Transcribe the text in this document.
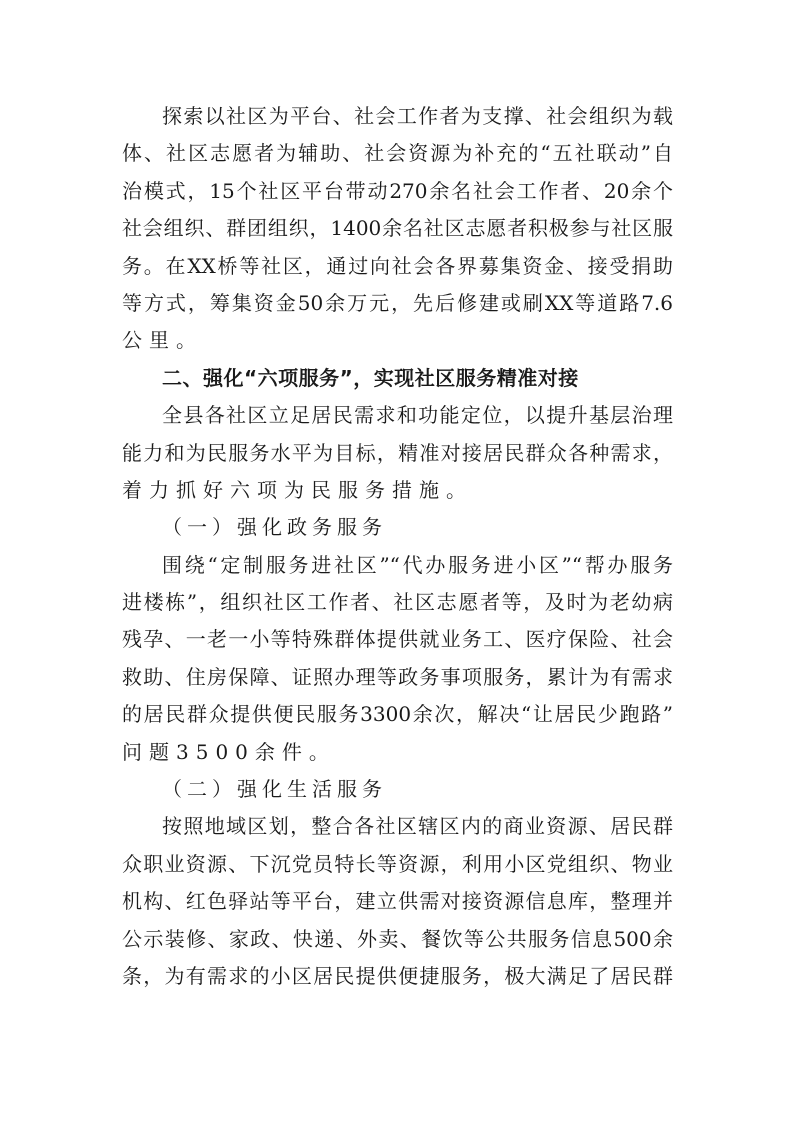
探索以社区为平台、社会工作者为支撑、社会组织为载
体、社区志愿者为辅助、社会资源为补充的“五社联动”自
治模式，15个社区平台带动270余名社会工作者、20余个
社会组织、群团组织，1400余名社区志愿者积极参与社区服
务。在XX桥等社区，通过向社会各界募集资金、接受捐助
等方式，筹集资金50余万元，先后修建或刷XX等道路7.6
公里。
二、强化“六项服务”，实现社区服务精准对接
全县各社区立足居民需求和功能定位，以提升基层治理
能力和为民服务水平为目标，精准对接居民群众各种需求，
着力抓好六项为民服务措施。
（一）强化政务服务
围绕“定制服务进社区”“代办服务进小区”“帮办服务
进楼栋”，组织社区工作者、社区志愿者等，及时为老幼病
残孕、一老一小等特殊群体提供就业务工、医疗保险、社会
救助、住房保障、证照办理等政务事项服务，累计为有需求
的居民群众提供便民服务3300余次，解决“让居民少跑路”
问题3500余件。
（二）强化生活服务
按照地域区划，整合各社区辖区内的商业资源、居民群
众职业资源、下沉党员特长等资源，利用小区党组织、物业
机构、红色驿站等平台，建立供需对接资源信息库，整理并
公示装修、家政、快递、外卖、餐饮等公共服务信息500余
条，为有需求的小区居民提供便捷服务，极大满足了居民群
